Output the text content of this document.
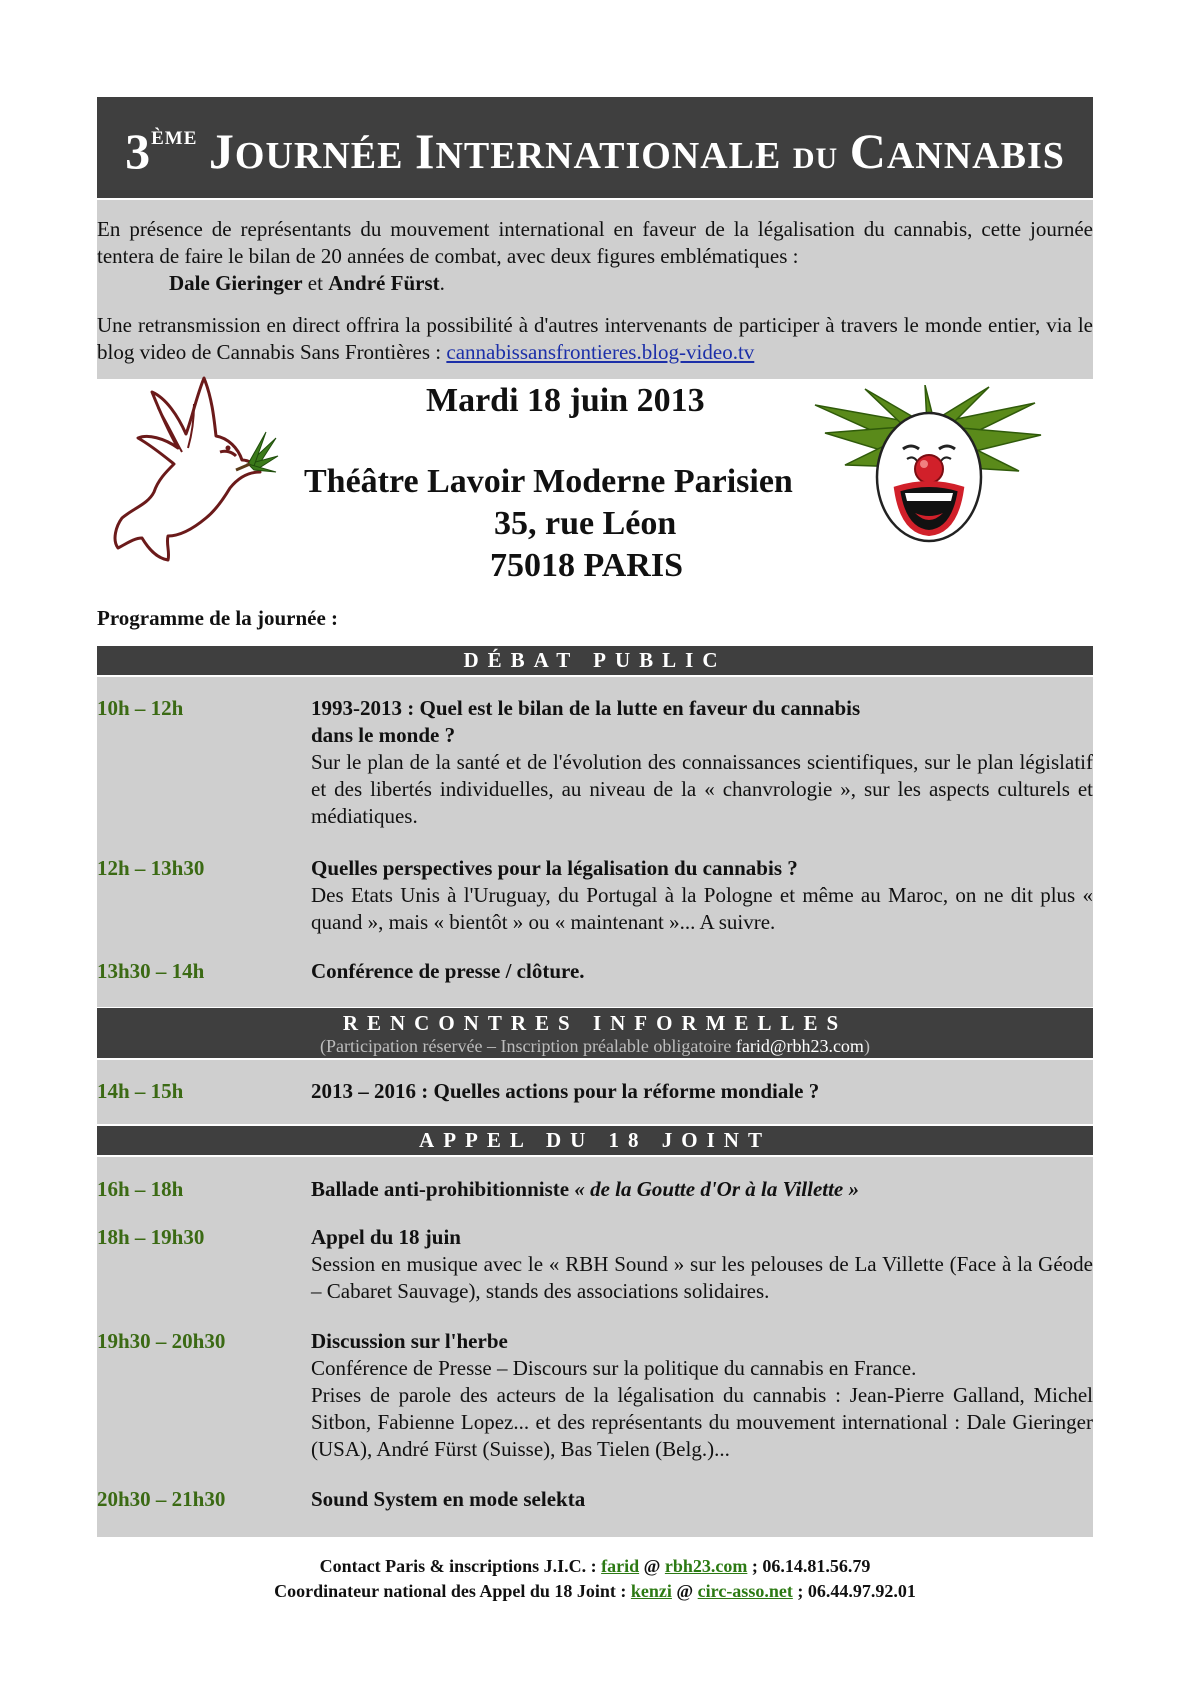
3ÈME JOURNÉE INTERNATIONALE DU CANNABIS

En présence de représentants du mouvement international en faveur de la légalisation du cannabis, cette journée tentera de faire le bilan de 20 années de combat, avec deux figures emblématiques :

Dale Gieringer et André Fürst.

Une retransmission en direct offrira la possibilité à d'autres intervenants de participer à travers le monde entier, via le blog video de Cannabis Sans Frontières : cannabissansfrontieres.blog-video.tv

Mardi 18 juin 2013
Théâtre Lavoir Moderne Parisien
35, rue Léon
75018 PARIS
Programme de la journée :
DÉBAT PUBLIC
10h – 12h	1993-2013 : Quel est le bilan de la lutte en faveur du cannabis
dans le monde ?
Sur le plan de la santé et de l'évolution des connaissances scientifiques, sur le plan législatif et des libertés individuelles, au niveau de la « chanvrologie », sur les aspects culturels et médiatiques.
12h – 13h30	Quelles perspectives pour la légalisation du cannabis ?
Des Etats Unis à l'Uruguay, du Portugal à la Pologne et même au Maroc, on ne dit plus « quand », mais « bientôt » ou « maintenant »... A suivre.
13h30 – 14h	Conférence de presse / clôture.
RENCONTRES INFORMELLES
(Participation réservée – Inscription préalable obligatoire farid@rbh23.com)
14h – 15h	2013 – 2016 : Quelles actions pour la réforme mondiale ?
APPEL DU 18 JOINT
16h – 18h	Ballade anti-prohibitionniste « de la Goutte d'Or à la Villette »
18h – 19h30	Appel du 18 juin
Session en musique avec le « RBH Sound » sur les pelouses de La Villette (Face à la Géode – Cabaret Sauvage), stands des associations solidaires.
19h30 – 20h30	Discussion sur l'herbe
Conférence de Presse – Discours sur la politique du cannabis en France.
Prises de parole des acteurs de la légalisation du cannabis : Jean-Pierre Galland, Michel Sitbon, Fabienne Lopez... et des représentants du mouvement international : Dale Gieringer (USA), André Fürst (Suisse), Bas Tielen (Belg.)...
20h30 – 21h30	Sound System en mode selekta
Contact Paris & inscriptions J.I.C. : farid @ rbh23.com ; 06.14.81.56.79
Coordinateur national des Appel du 18 Joint : kenzi @ circ-asso.net ; 06.44.97.92.01
